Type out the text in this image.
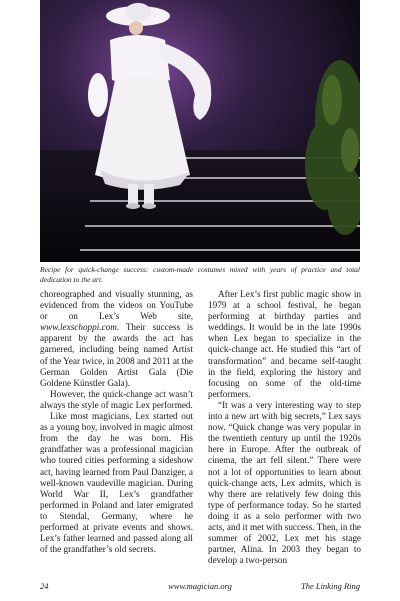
Recipe for quick-change success: custom-made costumes mixed with years of practice and total dedication to the art.

choreographed and visually stunning, as evidenced from the videos on YouTube or on Lex’s Web site, www.lexschoppi.com. Their success is apparent by the awards the act has garnered, including being named Artist of the Year twice, in 2008 and 2011 at the German Golden Artist Gala (Die Goldene Künstler Gala).

However, the quick-change act wasn’t always the style of magic Lex performed.

Like most magicians, Lex started out as a young boy, involved in magic almost from the day he was born. His grandfather was a professional magician who toured cities performing a sideshow act, having learned from Paul Danziger, a well-known vaudeville magician. During World War II, Lex’s grandfather performed in Poland and later emigrated to Stendal, Germany, where he performed at private events and shows. Lex’s father learned and passed along all of the grandfather’s old secrets.

After Lex’s first public magic show in 1979 at a school festival, he began performing at birthday parties and weddings. It would be in the late 1990s when Lex began to specialize in the quick-change act. He studied this “art of transformation” and became self-taught in the field, exploring the history and focusing on some of the old-time performers.

“It was a very interesting way to step into a new art with big secrets,” Lex says now. “Quick change was very popular in the twentieth century up until the 1920s here in Europe. After the outbreak of cinema, the art fell silent.” There were not a lot of opportunities to learn about quick-change acts, Lex admits, which is why there are relatively few doing this type of performance today. So he started doing it as a solo performer with two acts, and it met with success. Then, in the summer of 2002, Lex met his stage partner, Alina. In 2003 they began to develop a two-person

24	www.magician.org	The Linking Ring
